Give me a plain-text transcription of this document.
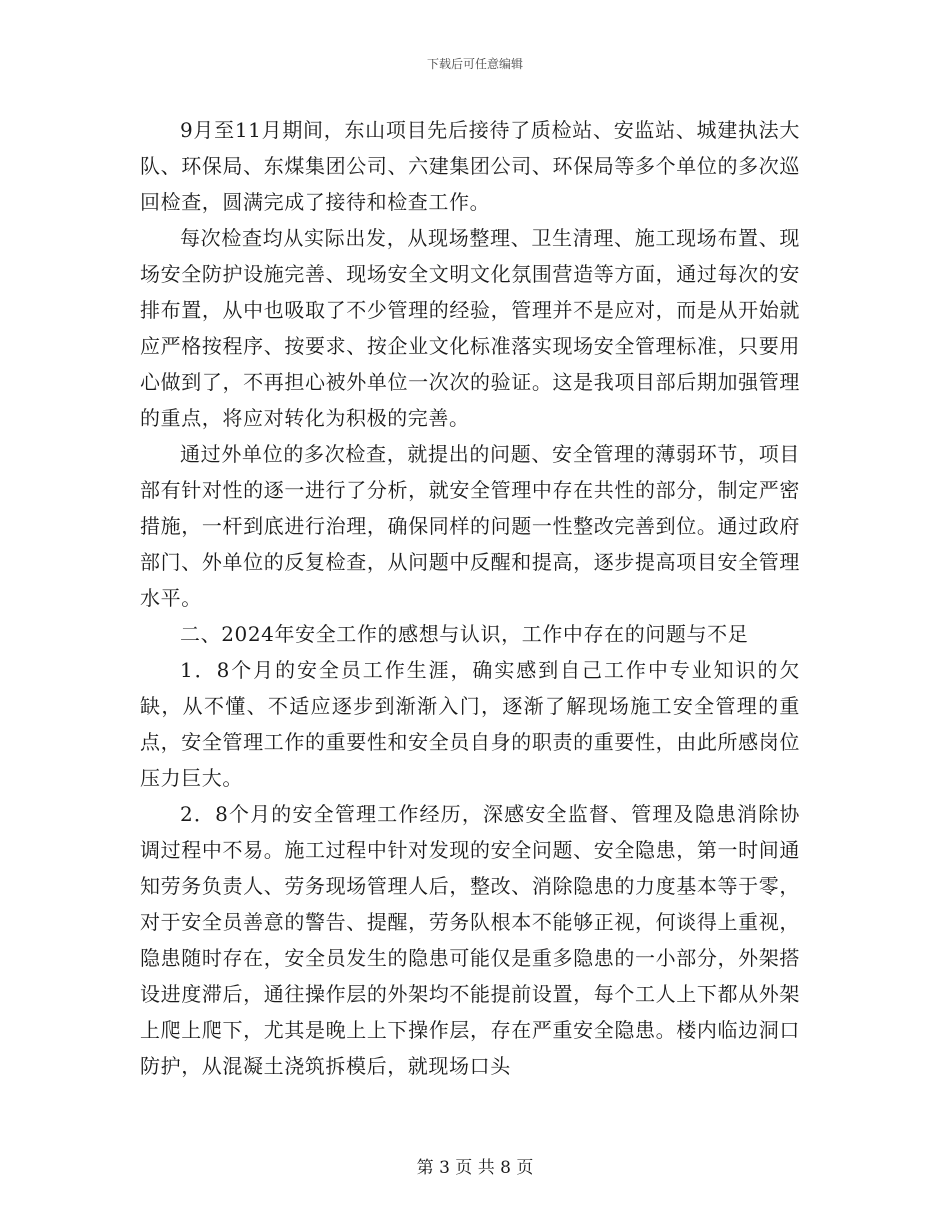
下载后可任意编辑

9月至11月期间，东山项目先后接待了质检站、安监站、城建执法大队、环保局、东煤集团公司、六建集团公司、环保局等多个单位的多次巡回检查，圆满完成了接待和检查工作。

每次检查均从实际出发，从现场整理、卫生清理、施工现场布置、现场安全防护设施完善、现场安全文明文化氛围营造等方面，通过每次的安排布置，从中也吸取了不少管理的经验，管理并不是应对，而是从开始就应严格按程序、按要求、按企业文化标准落实现场安全管理标准，只要用心做到了，不再担心被外单位一次次的验证。这是我项目部后期加强管理的重点，将应对转化为积极的完善。

通过外单位的多次检查，就提出的问题、安全管理的薄弱环节，项目部有针对性的逐一进行了分析，就安全管理中存在共性的部分，制定严密措施，一杆到底进行治理，确保同样的问题一性整改完善到位。通过政府部门、外单位的反复检查，从问题中反醒和提高，逐步提高项目安全管理水平。

二、2024年安全工作的感想与认识，工作中存在的问题与不足

1．8个月的安全员工作生涯，确实感到自己工作中专业知识的欠缺，从不懂、不适应逐步到渐渐入门，逐渐了解现场施工安全管理的重点，安全管理工作的重要性和安全员自身的职责的重要性，由此所感岗位压力巨大。

2．8个月的安全管理工作经历，深感安全监督、管理及隐患消除协调过程中不易。施工过程中针对发现的安全问题、安全隐患，第一时间通知劳务负责人、劳务现场管理人后，整改、消除隐患的力度基本等于零，对于安全员善意的警告、提醒，劳务队根本不能够正视，何谈得上重视，隐患随时存在，安全员发生的隐患可能仅是重多隐患的一小部分，外架搭设进度滞后，通往操作层的外架均不能提前设置，每个工人上下都从外架上爬上爬下，尤其是晚上上下操作层，存在严重安全隐患。楼内临边洞口防护，从混凝土浇筑拆模后，就现场口头

第 3 页 共 8 页
